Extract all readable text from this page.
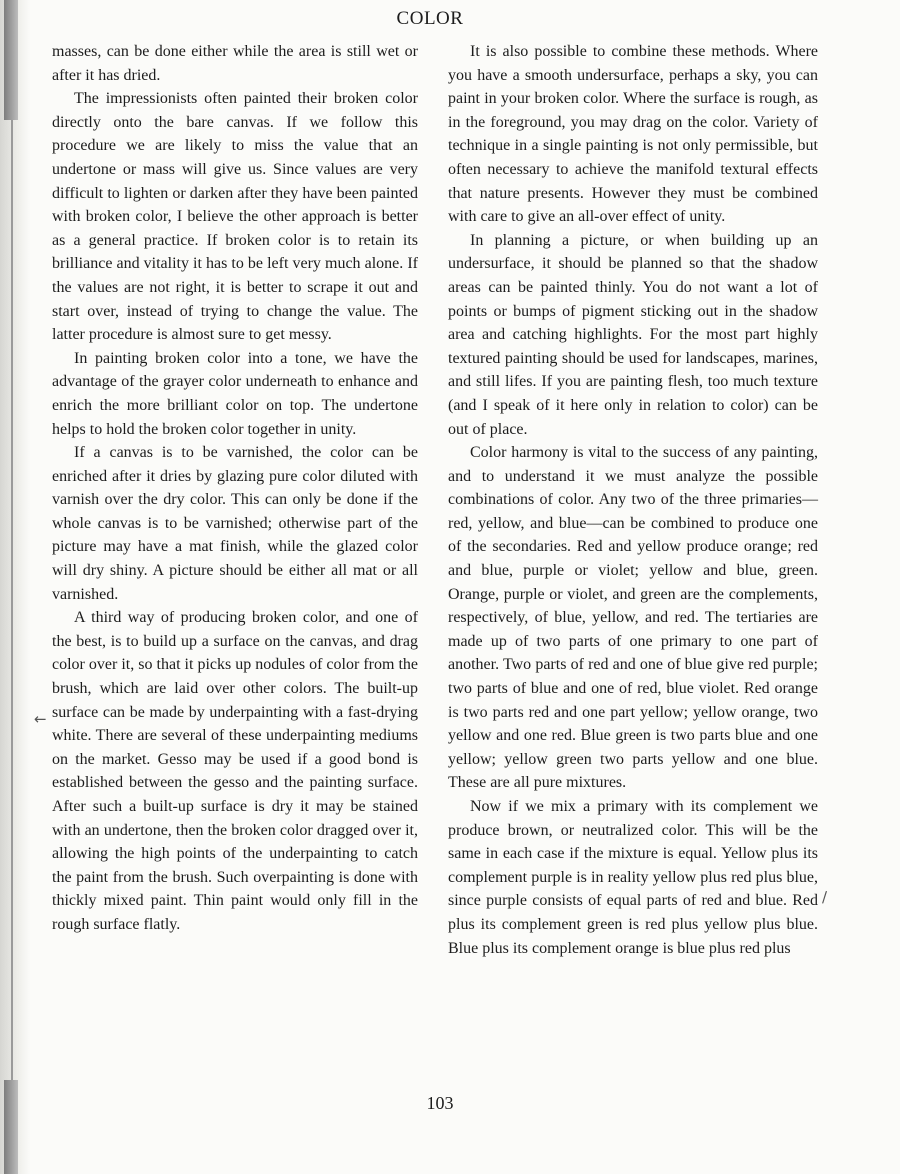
COLOR

masses, can be done either while the area is still wet or after it has dried.

The impressionists often painted their broken color directly onto the bare canvas. If we follow this procedure we are likely to miss the value that an undertone or mass will give us. Since values are very difficult to lighten or darken after they have been painted with broken color, I believe the other approach is better as a general practice. If broken color is to retain its brilliance and vitality it has to be left very much alone. If the values are not right, it is better to scrape it out and start over, instead of trying to change the value. The latter procedure is almost sure to get messy.

In painting broken color into a tone, we have the advantage of the grayer color underneath to enhance and enrich the more brilliant color on top. The undertone helps to hold the broken color together in unity.

If a canvas is to be varnished, the color can be enriched after it dries by glazing pure color diluted with varnish over the dry color. This can only be done if the whole canvas is to be varnished; otherwise part of the picture may have a mat finish, while the glazed color will dry shiny. A picture should be either all mat or all varnished.

A third way of producing broken color, and one of the best, is to build up a surface on the canvas, and drag color over it, so that it picks up nodules of color from the brush, which are laid over other colors. The built-up surface can be made by underpainting with a fast-drying white. There are several of these underpainting mediums on the market. Gesso may be used if a good bond is established between the gesso and the painting surface. After such a built-up surface is dry it may be stained with an undertone, then the broken color dragged over it, allowing the high points of the underpainting to catch the paint from the brush. Such overpainting is done with thickly mixed paint. Thin paint would only fill in the rough surface flatly.

It is also possible to combine these methods. Where you have a smooth undersurface, perhaps a sky, you can paint in your broken color. Where the surface is rough, as in the foreground, you may drag on the color. Variety of technique in a single painting is not only permissible, but often necessary to achieve the manifold textural effects that nature presents. However they must be combined with care to give an all-over effect of unity.

In planning a picture, or when building up an undersurface, it should be planned so that the shadow areas can be painted thinly. You do not want a lot of points or bumps of pigment sticking out in the shadow area and catching highlights. For the most part highly textured painting should be used for landscapes, marines, and still lifes. If you are painting flesh, too much texture (and I speak of it here only in relation to color) can be out of place.

Color harmony is vital to the success of any painting, and to understand it we must analyze the possible combinations of color. Any two of the three primaries—red, yellow, and blue—can be combined to produce one of the secondaries. Red and yellow produce orange; red and blue, purple or violet; yellow and blue, green. Orange, purple or violet, and green are the complements, respectively, of blue, yellow, and red. The tertiaries are made up of two parts of one primary to one part of another. Two parts of red and one of blue give red purple; two parts of blue and one of red, blue violet. Red orange is two parts red and one part yellow; yellow orange, two yellow and one red. Blue green is two parts blue and one yellow; yellow green two parts yellow and one blue. These are all pure mixtures.

Now if we mix a primary with its complement we produce brown, or neutralized color. This will be the same in each case if the mixture is equal. Yellow plus its complement purple is in reality yellow plus red plus blue, since purple consists of equal parts of red and blue. Red plus its complement green is red plus yellow plus blue. Blue plus its complement orange is blue plus red plus

←
∕
103
